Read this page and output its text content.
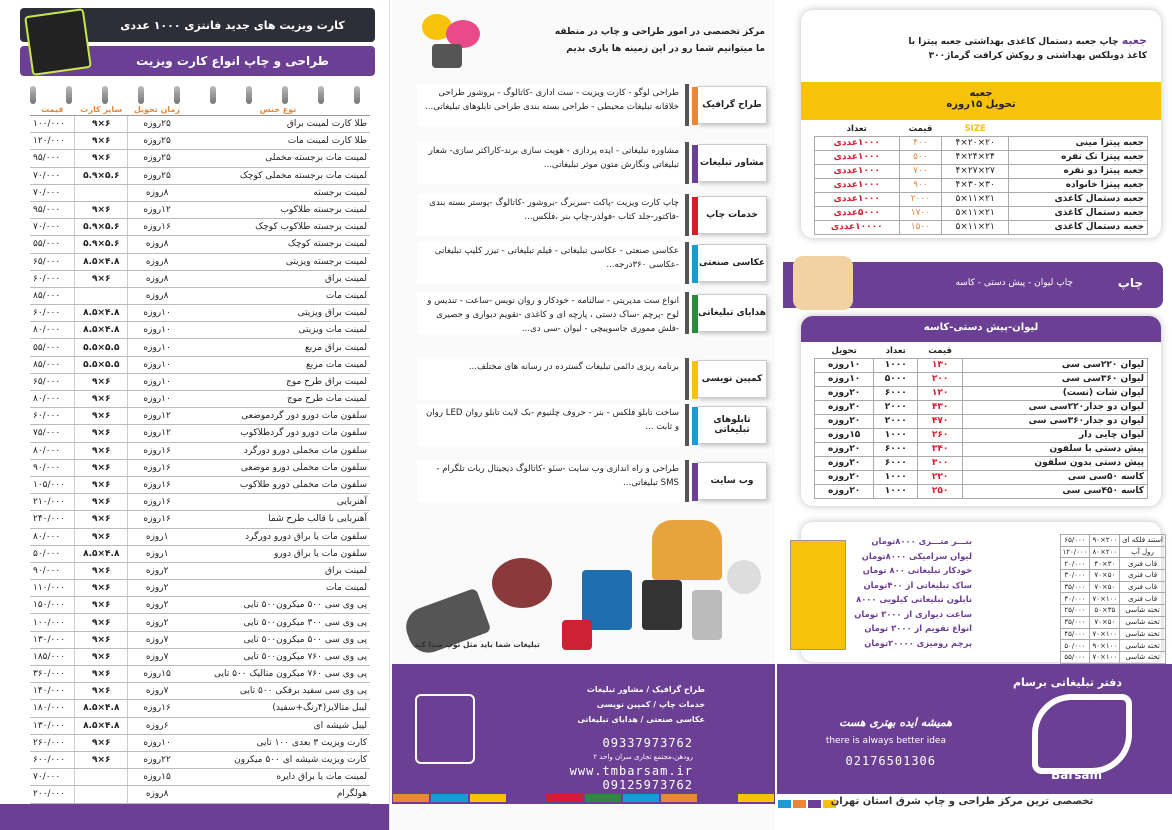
کارت ویزیت های جدید فانتزی ۱۰۰۰ عددی
طراحی و چاپ انواع کارت ویزیت
نوع جنس	زمان تحویل	سایز کارت	قیمت
طلا کارت لمینت براق	۲۵روزه	۶×۹	۱۰۰/۰۰۰
طلا کارت لمینت مات	۲۵روزه	۶×۹	۱۲۰/۰۰۰
لمینت مات برجسته مخملی	۲۵روزه	۶×۹	۹۵/۰۰۰
لمینت مات برجسته مخملی کوچک	۲۵روزه	۵.۶×۵.۹	۷۰/۰۰۰
لمینت برجسته	۸روزه		۷۰/۰۰۰
لمینت برجسته طلاکوب	۱۲روزه	۶×۹	۹۵/۰۰۰
لمینت برجسته طلاکوب کوچک	۱۶روزه	۵.۶×۵.۹	۷۰/۰۰۰
لمینت برجسته کوچک	۸روزه	۵.۶×۵.۹	۵۵/۰۰۰
لمینت برجسته ویزیتی	۸روزه	۴.۸×۸.۵	۶۵/۰۰۰
لمینت براق	۸روزه	۶×۹	۶۰/۰۰۰
لمینت مات	۸روزه		۸۵/۰۰۰
لمینت براق ویزیتی	۱۰روزه	۴.۸×۸.۵	۶۰/۰۰۰
لمینت مات ویزیتی	۱۰روزه	۴.۸×۸.۵	۸۰/۰۰۰
لمینت براق مربع	۱۰روزه	۵.۵×۵.۵	۵۵/۰۰۰
لمینت مات مربع	۱۰روزه	۵.۵×۵.۵	۸۵/۰۰۰
لمینت براق طرح موج	۱۰روزه	۶×۹	۶۵/۰۰۰
لمینت مات طرح موج	۱۰روزه	۶×۹	۸۰/۰۰۰
سلفون مات دورو دور گردموضعی	۱۲روزه	۶×۹	۶۰/۰۰۰
سلفون مات دورو دور گردطلاکوب	۱۲روزه	۶×۹	۷۵/۰۰۰
سلفون مات مخملی دورو دورگرد	۱۶روزه	۶×۹	۸۰/۰۰۰
سلفون مات مخملی دورو موضعی	۱۶روزه	۶×۹	۹۰/۰۰۰
سلفون مات مخملی دورو طلاکوب	۱۶روزه	۶×۹	۱۰۵/۰۰۰
آهنربایی	۱۶روزه	۶×۹	۲۱۰/۰۰۰
آهنربایی با قالب طرح شما	۱۶روزه	۶×۹	۲۴۰/۰۰۰
سلفون مات یا براق دورو دورگرد	۱روزه	۶×۹	۸۰/۰۰۰
سلفون مات یا براق دورو	۱روزه	۴.۸×۸.۵	۵۰/۰۰۰
لمینت براق	۲روزه	۶×۹	۹۰/۰۰۰
لمینت مات	۲روزه	۶×۹	۱۱۰/۰۰۰
پی وی سی ۵۰۰ میکرون۵۰۰ تایی	۲روزه	۶×۹	۱۵۰/۰۰۰
پی وی سی ۳۰۰ میکرون۵۰۰ تایی	۲روزه	۶×۹	۱۰۰/۰۰۰
پی وی سی ۵۰۰ میکرون۵۰۰ تایی	۷روزه	۶×۹	۱۳۰/۰۰۰
پی وی سی ۷۶۰ میکرون۵۰۰ تایی	۷روزه	۶×۹	۱۸۵/۰۰۰
پی وی سی ۷۶۰ میکرون متالیک ۵۰۰ تایی	۱۵روزه	۶×۹	۳۶۰/۰۰۰
پی وی سی سفید برفکی ۵۰۰ تایی	۷روزه	۶×۹	۱۴۰/۰۰۰
لیبل متالایز(۴رنگ+سفید)	۱۶روزه	۴.۸×۸.۵	۱۸۰/۰۰۰
لیبل شیشه ای	۶روزه	۴.۸×۸.۵	۱۳۰/۰۰۰
کارت ویزیت ۳ بعدی ۱۰۰ تایی	۱۰روزه	۶×۹	۲۶۰/۰۰۰
کارت ویزیت شیشه ای ۵۰۰ میکرون	۲۲روزه	۶×۹	۶۰۰/۰۰۰
لمینت مات یا براق دایره	۱۵روزه		۷۰/۰۰۰
هولگرام	۸روزه		۲۰۰/۰۰۰

مرکز تخصصی در امور طراحی و چاپ در منطقه
ما میتوانیم شما رو در این زمینه ها یاری بدیم
طراح گرافیک
طراحی لوگو - کارت ویزیت - ست اداری -کاتالوگ - بروشور طراحی خلاقانه تبلیغات محیطی - طراحی بسته بندی طراحی تابلوهای تبلیغاتی...
مشاور تبلیغات
مشاوره تبلیغاتی - ایده پردازی - هویت سازی برند-کاراکتر سازی- شعار تبلیغاتی ونگارش متون موثر تبلیغاتی...
خدمات چاپ
چاپ کارت ویزیت -پاکت -سربرگ -بروشور -کاتالوگ -پوستر بسته بندی -فاکتور-جلد کتاب -فولدر-چاپ بنر ،فلکس...
عکاسی صنعتی
عکاسی صنعتی - عکاسی تبلیغاتی - فیلم تبلیغاتی - تیزر کلیپ تبلیغاتی -عکاسی ۳۶۰درجه...
هدایای تبلیغاتی
انواع ست مدیریتی - سالنامه - خودکار و روان نویس -ساعت - تندیس و لوح -پرچم -ساک دستی ، پارچه ای و کاغذی -تقویم دیواری و حصیری -فلش مموری جاسوییچی - لیوان -سی دی...
کمپین نویسی
برنامه ریزی دائمی تبلیغات گسترده در رسانه های مختلف...
تابلوهای تبلیغاتی
ساخت تابلو فلکس - بنر - حروف چلنیوم -بک لایت تابلو روان LED روان و ثابت ...
وب سایت
طراحی و راه اندازی وب سایت -سئو -کاتالوگ دیجیتال ربات تلگرام - SMS تبلیغاتی...
تبلیغات شما باید مثل توپ صدا کند
طراح گرافیک / مشاور تبلیغات
خدمات چاپ / کمپین نویسی
عکاسی صنعتی / هدایای تبلیغاتی
09337973762
رودهن،مجتمع تجاری سران واحد ۲
www.tmbarsam.ir
09125973762
جعبه چاپ جعبه دستمال کاغذی بهداشتی جعبه پیتزا با کاغذ دوبلکس بهداشتی و روکش کرافت گرماژ۳۰۰
جعبه
تحویل ۱۵روزه
	SIZE	قیمت	تعداد
جعبه پیتزا مینی	۲۰×۲۰×۴	۴۰۰	۱۰۰۰عددی
جعبه پیتزا تک نفره	۲۴×۲۴×۴	۵۰۰	۱۰۰۰عددی
جعبه پیتزا دو نفره	۲۷×۲۷×۴	۷۰۰	۱۰۰۰عددی
جعبه پیتزا خانواده	۳۰×۳۰×۴	۹۰۰	۱۰۰۰عددی
جعبه دستمال کاغذی	۲۱×۱۱×۵	۲۰۰۰	۱۰۰۰عددی
جعبه دستمال کاغذی	۲۱×۱۱×۵	۱۷۰۰	۵۰۰۰عددی
جعبه دستمال کاغذی	۲۱×۱۱×۵	۱۵۰۰	۱۰۰۰۰عددی
چاپ لیوان - پیش دستی - کاسه	چاپ
لیوان-پیش دستی-کاسه
	قیمت	تعداد	تحویل
لیوان ۲۲۰سی سی	۱۳۰	۱۰۰۰	۱۰روزه
لیوان ۳۶۰سی سی	۲۰۰	۵۰۰۰	۱۰روزه
لیوان شات (تست)	۱۲۰	۶۰۰۰	۲۰روزه
لیوان دو جدار۲۲۰سی سی	۴۳۰	۲۰۰۰	۲۰روزه
لیوان دو جدار۳۶۰سی سی	۴۷۰	۲۰۰۰	۲۰روزه
لیوان چایی دار	۲۶۰	۱۰۰۰	۱۵روزه
پیش دستی با سلفون	۳۴۰	۶۰۰۰	۲۰روزه
پیش دستی بدون سلفون	۳۰۰	۶۰۰۰	۲۰روزه
کاسه ۵۰سی سی	۲۲۰	۱۰۰۰	۲۰روزه
کاسه ۴۵۰سی سی	۲۵۰	۱۰۰۰	۲۰روزه
بنـــر متـــری ۸۰۰۰تومان
لیوان سرامیکی ۸۰۰۰تومان
خودکار تبلیغاتی ۸۰۰ تومان
ساک تبلیغاتی از ۴۰۰تومان
نایلون تبلیغاتی کیلویی ۸۰۰۰
ساعت دیواری از ۳۰۰۰ تومان
انواع تقویم از ۳۰۰۰ تومان
پرچم رومیزی ۲۰۰۰۰تومان
استند فلکه ای	۲۰۰×۹۰	۶۵/۰۰۰
رول آپ	۲۰۰×۸۰	۱۲۰/۰۰۰
قاب فنری	۳۰×۴۰	۲۰/۰۰۰
قاب فنری	۵۰×۷۰	۳۰/۰۰۰
قاب فنری	۵۰×۷۰	۳۵/۰۰۰
قاب فنری	۱۰۰×۷۰	۴۰/۰۰۰
تخته شاسی	۳۵×۵۰	۲۵/۰۰۰
تخته شاسی	۵۰×۷۰	۳۵/۰۰۰
تخته شاسی	۱۰۰×۷۰	۴۵/۰۰۰
تخته شاسی	۱۰۰×۹۰	۵۰/۰۰۰
تخته شاسی	۱۰۰×۷۰	۵۵/۰۰۰
دفتر تبلیغاتی برسام
همیشه ایده بهتری هست
there is always better idea
02176501306
Barsam
تخصصی ترین مرکز طراحی و چاپ شرق استان تهران
